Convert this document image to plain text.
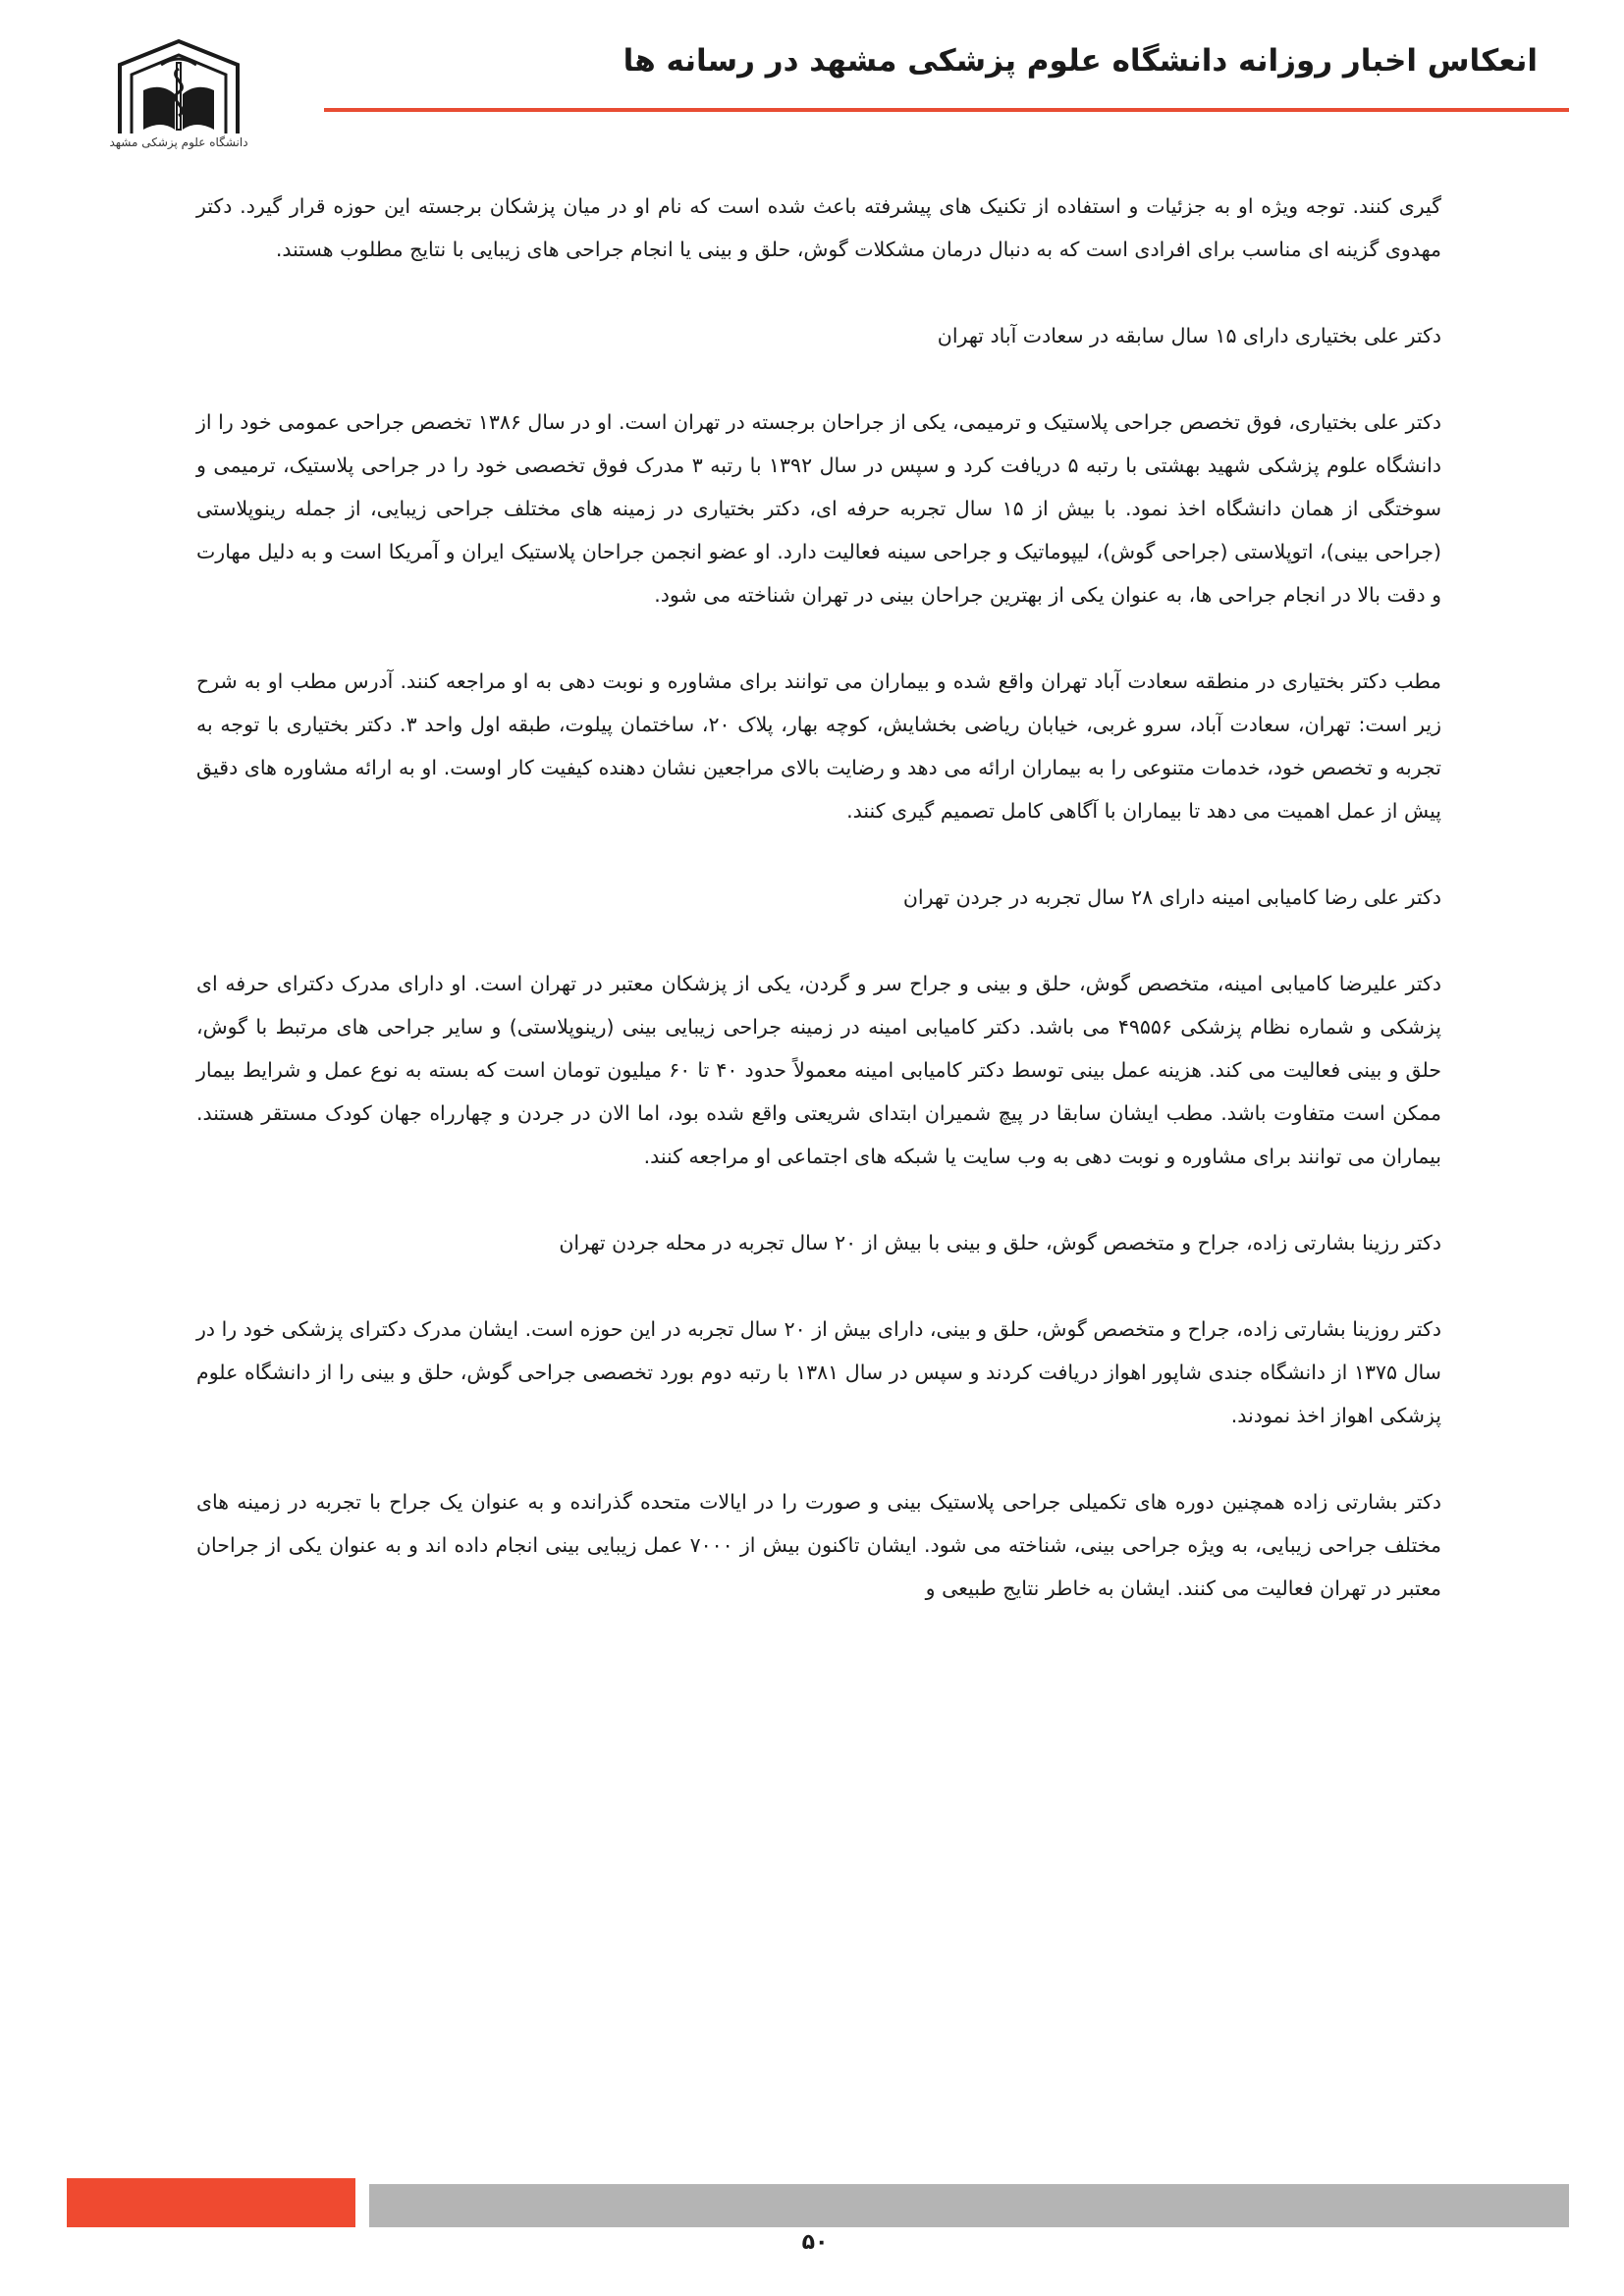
انعکاس اخبار روزانه دانشگاه علوم پزشکی مشهد در رسانه ها
دانشگاه علوم پزشکی مشهد

گیری کنند. توجه ویژه او به جزئیات و استفاده از تکنیک های پیشرفته باعث شده است که نام او در میان پزشکان برجسته این حوزه قرار گیرد. دکتر مهدوی گزینه ای مناسب برای افرادی است که به دنبال درمان مشکلات گوش، حلق و بینی یا انجام جراحی های زیبایی با نتایج مطلوب هستند.

دکتر علی بختیاری دارای ۱۵ سال سابقه در سعادت آباد تهران

دکتر علی بختیاری، فوق تخصص جراحی پلاستیک و ترمیمی، یکی از جراحان برجسته در تهران است. او در سال ۱۳۸۶ تخصص جراحی عمومی خود را از دانشگاه علوم پزشکی شهید بهشتی با رتبه ۵ دریافت کرد و سپس در سال ۱۳۹۲ با رتبه ۳ مدرک فوق تخصصی خود را در جراحی پلاستیک، ترمیمی و سوختگی از همان دانشگاه اخذ نمود. با بیش از ۱۵ سال تجربه حرفه ای، دکتر بختیاری در زمینه های مختلف جراحی زیبایی، از جمله رینوپلاستی (جراحی بینی)، اتوپلاستی (جراحی گوش)، لیپوماتیک و جراحی سینه فعالیت دارد. او عضو انجمن جراحان پلاستیک ایران و آمریکا است و به دلیل مهارت و دقت بالا در انجام جراحی ها، به عنوان یکی از بهترین جراحان بینی در تهران شناخته می شود.

مطب دکتر بختیاری در منطقه سعادت آباد تهران واقع شده و بیماران می توانند برای مشاوره و نوبت دهی به او مراجعه کنند. آدرس مطب او به شرح زیر است: تهران، سعادت آباد، سرو غربی، خیابان ریاضی بخشایش، کوچه بهار، پلاک ۲۰، ساختمان پیلوت، طبقه اول واحد ۳. دکتر بختیاری با توجه به تجربه و تخصص خود، خدمات متنوعی را به بیماران ارائه می دهد و رضایت بالای مراجعین نشان دهنده کیفیت کار اوست. او به ارائه مشاوره های دقیق پیش از عمل اهمیت می دهد تا بیماران با آگاهی کامل تصمیم گیری کنند.

دکتر علی رضا کامیابی امینه دارای ۲۸ سال تجربه در جردن تهران

دکتر علیرضا کامیابی امینه، متخصص گوش، حلق و بینی و جراح سر و گردن، یکی از پزشکان معتبر در تهران است. او دارای مدرک دکترای حرفه ای پزشکی و شماره نظام پزشکی ۴۹۵۵۶ می باشد. دکتر کامیابی امینه در زمینه جراحی زیبایی بینی (رینوپلاستی) و سایر جراحی های مرتبط با گوش، حلق و بینی فعالیت می کند. هزینه عمل بینی توسط دکتر کامیابی امینه معمولاً حدود ۴۰ تا ۶۰ میلیون تومان است که بسته به نوع عمل و شرایط بیمار ممکن است متفاوت باشد. مطب ایشان سابقا در پیچ شمیران ابتدای شریعتی واقع شده بود، اما الان در جردن و چهارراه جهان کودک مستقر هستند. بیماران می توانند برای مشاوره و نوبت دهی به وب سایت یا شبکه های اجتماعی او مراجعه کنند.

دکتر رزینا بشارتی زاده، جراح و متخصص گوش، حلق و بینی با بیش از ۲۰ سال تجربه در محله جردن تهران

دکتر روزینا بشارتی زاده، جراح و متخصص گوش، حلق و بینی، دارای بیش از ۲۰ سال تجربه در این حوزه است. ایشان مدرک دکترای پزشکی خود را در سال ۱۳۷۵ از دانشگاه جندی شاپور اهواز دریافت کردند و سپس در سال ۱۳۸۱ با رتبه دوم بورد تخصصی جراحی گوش، حلق و بینی را از دانشگاه علوم پزشکی اهواز اخذ نمودند.

دکتر بشارتی زاده همچنین دوره های تکمیلی جراحی پلاستیک بینی و صورت را در ایالات متحده گذرانده و به عنوان یک جراح با تجربه در زمینه های مختلف جراحی زیبایی، به ویژه جراحی بینی، شناخته می شود. ایشان تاکنون بیش از ۷۰۰۰ عمل زیبایی بینی انجام داده اند و به عنوان یکی از جراحان معتبر در تهران فعالیت می کنند. ایشان به خاطر نتایج طبیعی و

۵۰
